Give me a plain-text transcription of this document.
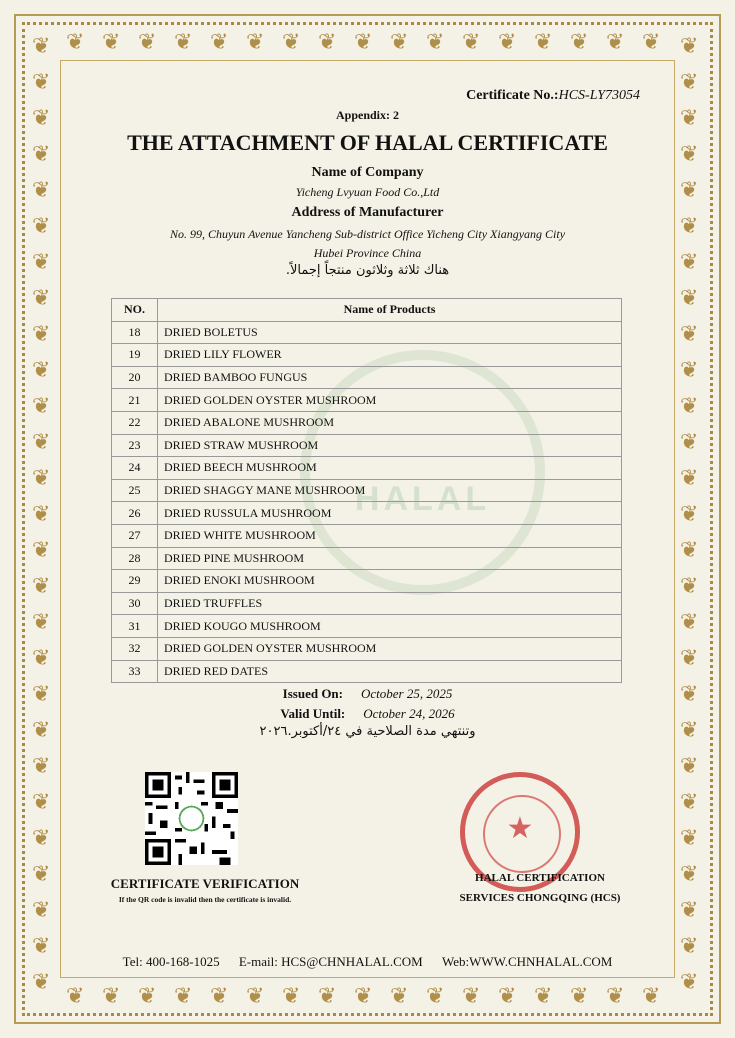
❦	❦
❦	❦
❦	❦
❦	❦
❦	❦
❦	❦
❦	❦
❦	❦
❦	❦
❦	❦
❦	❦
❦	❦
❦	❦
❦	❦
❦	❦
❦	❦
❦	❦
❦	❦
❦	❦
❦	❦
❦	❦
❦	❦
❦	❦
❦	❦
❦	❦
❦	❦
❦	❦
❦
❦
❦
❦
❦
❦
❦
❦
❦
❦
❦
❦
❦
❦
❦
❦
❦
❦
❦
❦
❦
❦
❦
❦
❦
❦
❦
❦
❦
❦
❦
❦
❦
❦
HALAL
Certificate No.:HCS-LY73054
Appendix: 2
THE ATTACHMENT OF HALAL CERTIFICATE
Name of Company
Yicheng Lvyuan Food Co.,Ltd
Address of Manufacturer
No. 99, Chuyun Avenue Yancheng Sub-district Office Yicheng City Xiangyang City
Hubei Province China
هناك ثلاثة وثلاثون منتجاً إجمالاً.
NO.	Name of Products
18	DRIED BOLETUS
19	DRIED LILY FLOWER
20	DRIED BAMBOO FUNGUS
21	DRIED GOLDEN OYSTER MUSHROOM
22	DRIED ABALONE MUSHROOM
23	DRIED STRAW MUSHROOM
24	DRIED BEECH MUSHROOM
25	DRIED SHAGGY MANE MUSHROOM
26	DRIED RUSSULA MUSHROOM
27	DRIED WHITE MUSHROOM
28	DRIED PINE MUSHROOM
29	DRIED ENOKI MUSHROOM
30	DRIED TRUFFLES
31	DRIED KOUGO MUSHROOM
32	DRIED GOLDEN OYSTER MUSHROOM
33	DRIED RED DATES
Issued On: October 25, 2025
Valid Until: October 24, 2026
وتنتهي مدة الصلاحية في ٢٤/أكتوبر.٢٠٢٦
CERTIFICATE VERIFICATION
If the QR code is invalid then the certificate is invalid.
★
HALAL CERTIFICATION
SERVICES CHONGQING (HCS)
Tel: 400-168-1025 E-mail: HCS@CHNHALAL.COM Web:WWW.CHNHALAL.COM
